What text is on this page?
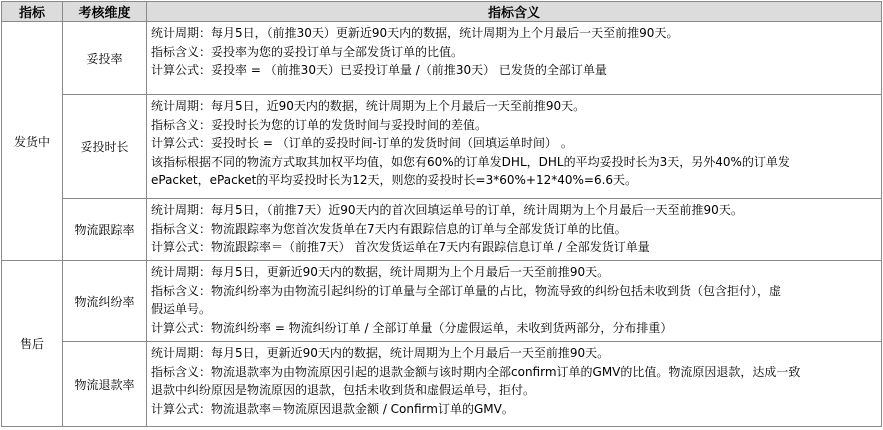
指标	考核维度	指标含义
发货中	妥投率	统计周期：每月5日，（前推30天）更新近90天内的数据，统计周期为上个月最后一天至前推90天。
指标含义：妥投率为您的妥投订单与全部发货订单的比值。
计算公式：妥投率 = （前推30天）已妥投订单量 /（前推30天） 已发货的全部订单量

	妥投时长	统计周期：每月5日，近90天内的数据，统计周期为上个月最后一天至前推90天。
指标含义：妥投时长为您的订单的发货时间与妥投时间的差值。
计算公式：妥投时长 = （订单的妥投时间-订单的发货时间（回填运单时间） 。
该指标根据不同的物流方式取其加权平均值，如您有60%的订单发DHL，DHL的平均妥投时长为3天，另外40%的订单发
ePacket，ePacket的平均妥投时长为12天，则您的妥投时长=3*60%+12*40%=6.6天。

	物流跟踪率	统计周期：每月5日，（前推7天）近90天内的首次回填运单号的订单，统计周期为上个月最后一天至前推90天。
指标含义：物流跟踪率为您首次发货单在7天内有跟踪信息的订单与全部发货订单的比值。
计算公式：物流跟踪率＝（前推7天） 首次发货运单在7天内有跟踪信息订单 / 全部发货订单量

售后	物流纠纷率	统计周期：每月5日，更新近90天内的数据，统计周期为上个月最后一天至前推90天。
指标含义：物流纠纷率为由物流引起纠纷的订单量与全部订单量的占比，物流导致的纠纷包括未收到货（包含拒付），虚
假运单号。
计算公式：物流纠纷率 = 物流纠纷订单 / 全部订单量（分虚假运单，未收到货两部分，分布排重）

	物流退款率	统计周期：每月5日，更新近90天内的数据，统计周期为上个月最后一天至前推90天。
指标含义：物流退款率为由物流原因引起的退款金额与该时期内全部confirm订单的GMV的比值。物流原因退款，达成一致
退款中纠纷原因是物流原因的退款，包括未收到货和虚假运单号，拒付。
计算公式：物流退款率＝物流原因退款金额 / Confirm订单的GMV。
